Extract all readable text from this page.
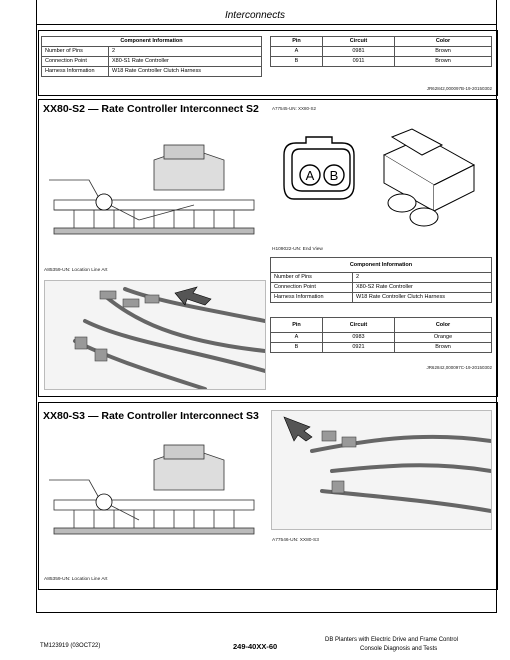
Interconnects
Component Information	
Number of Pins	2
Connection Point	X80-S1 Rate Controller
Harness Information	W18 Rate Controller Clutch Harness
Pin	Circuit	Color
A	0981	Brown
B	0911	Brown
JR62842,000097B-19-20150302
XX80-S2 — Rate Controller Interconnect S2	A77545-UN: XX80-S2
A85359-UN: Location Line Art
A B
H109022-UN: End View
Component Information	
Number of Pins	2
Connection Point	X80-S2 Rate Controller
Harness Information	W18 Rate Controller Clutch Harness
Pin	Circuit	Color
A	0983	Orange
B	0921	Brown
JR62842,000097C-19-20150302
XX80-S3 — Rate Controller Interconnect S3
A85359-UN: Location Line Art
A77546-UN: XX80-S3
TM123919 (03OCT22)	249-40XX-60
DB Planters with Electric Drive and Frame Control
Console Diagnosis and Tests
